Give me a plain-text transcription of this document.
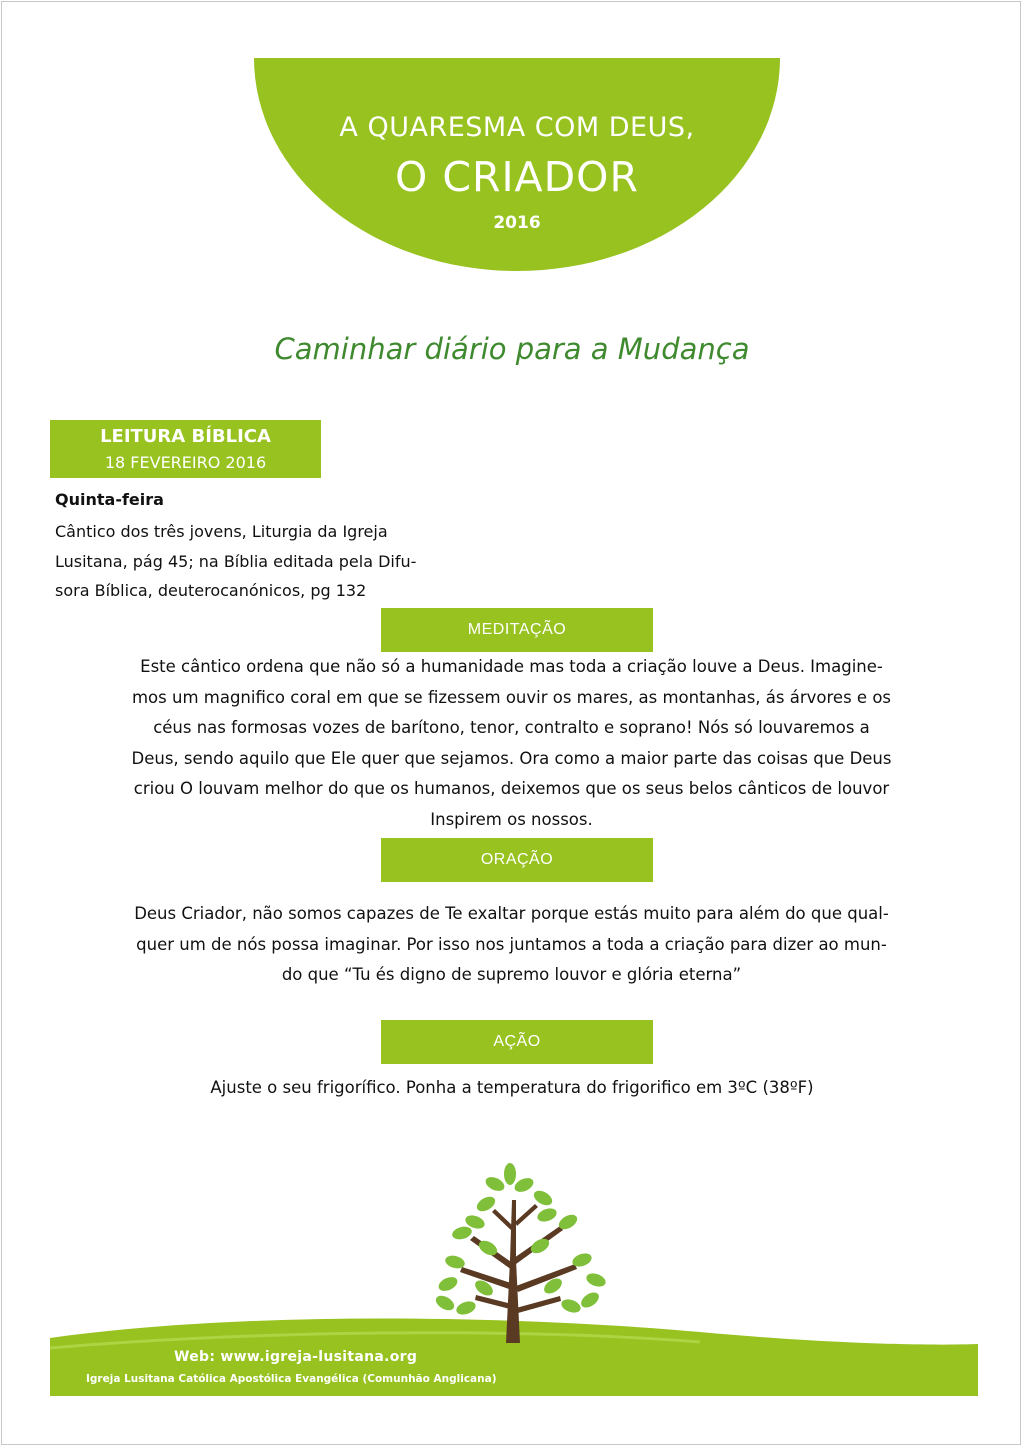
A QUARESMA COM DEUS,
O CRIADOR
2016
Caminhar diário para a Mudança
LEITURA BÍBLICA
18 FEVEREIRO 2016
Quinta-feira
Cântico dos três jovens, Liturgia da Igreja
Lusitana, pág 45; na Bíblia editada pela Difu-
sora Bíblica, deuterocanónicos, pg 132
MEDITAÇÃO
Este cântico ordena que não só a humanidade mas toda a criação louve a Deus. Imagine-
mos um magnifico coral em que se fizessem ouvir os mares, as montanhas, ás árvores e os
céus nas formosas vozes de barítono, tenor, contralto e soprano! Nós só louvaremos a
Deus, sendo aquilo que Ele quer que sejamos. Ora como a maior parte das coisas que Deus
criou O louvam melhor do que os humanos, deixemos que os seus belos cânticos de louvor
Inspirem os nossos.
ORAÇÃO
Deus Criador, não somos capazes de Te exaltar porque estás muito para além do que qual-
quer um de nós possa imaginar. Por isso nos juntamos a toda a criação para dizer ao mun-
do que “Tu és digno de supremo louvor e glória eterna”
AÇÃO
Ajuste o seu frigorífico. Ponha a temperatura do frigorifico em 3ºC (38ºF)
Web: www.igreja-lusitana.org
Igreja Lusitana Católica Apostólica Evangélica (Comunhão Anglicana)
